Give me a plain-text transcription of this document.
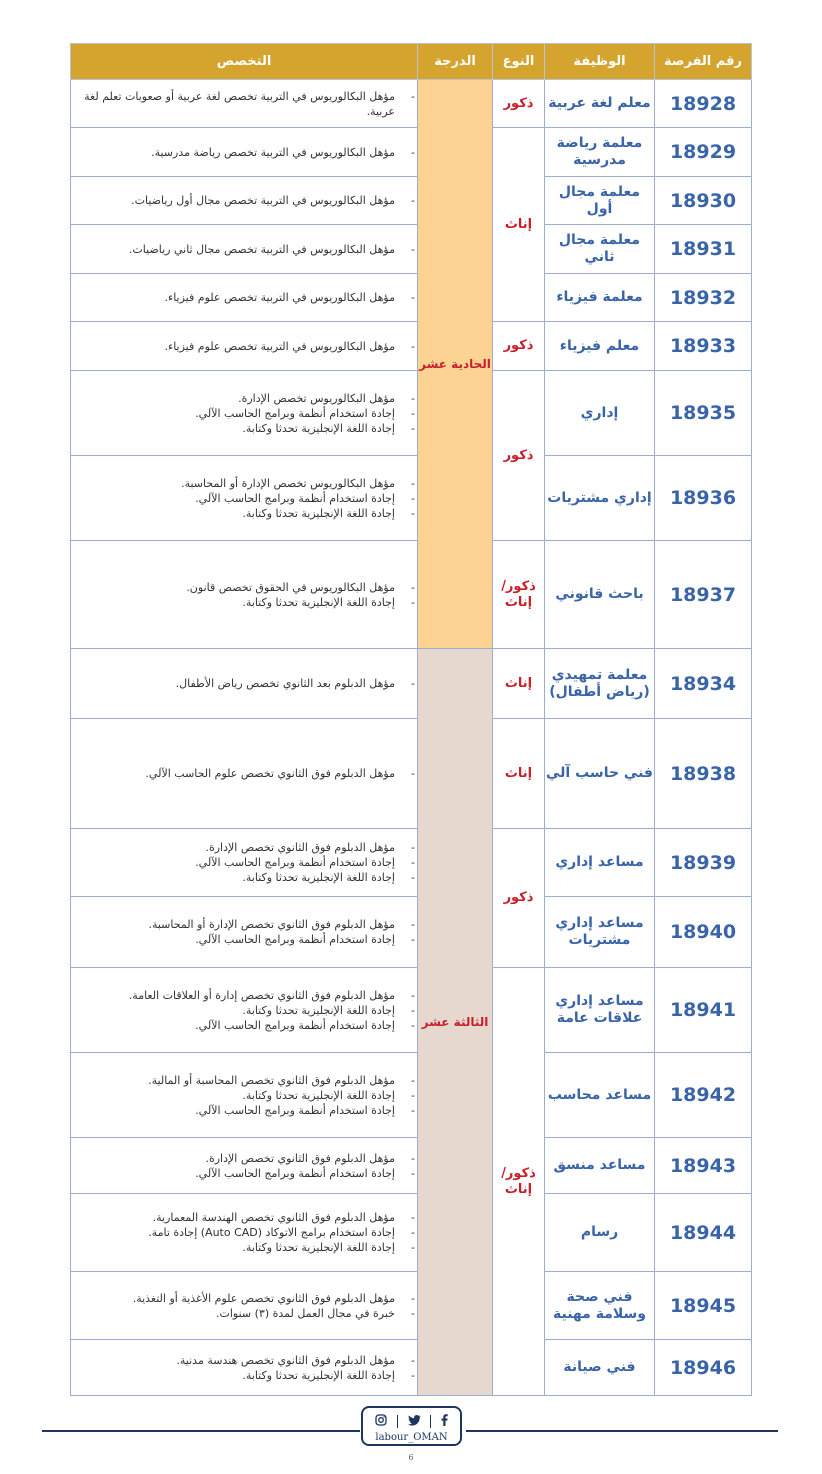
رقم الفرصة	الوظيفة	النوع	الدرجة	التخصص
18928	معلم لغة عربية	ذكور	الحادية عشر	- مؤهل البكالوريوس في التربية تخصص لغة عربية أو صعوبات تعلم لغة عربية.

18929	معلمة رياضة مدرسية	إناث		- مؤهل البكالوريوس في التربية تخصص رياضة مدرسية.

18930	معلمة مجال أول			- مؤهل البكالوريوس في التربية تخصص مجال أول رياضيات.

18931	معلمة مجال ثاني			- مؤهل البكالوريوس في التربية تخصص مجال ثاني رياضيات.

18932	معلمة فيزياء			- مؤهل البكالوريوس في التربية تخصص علوم فيزياء.

18933	معلم فيزياء	ذكور		- مؤهل البكالوريوس في التربية تخصص علوم فيزياء.

18935	إداري	ذكور		- مؤهل البكالوريوس تخصص الإدارة.
- إجادة استخدام أنظمة وبرامج الحاسب الآلي.
- إجادة اللغة الإنجليزية تحدثا وكتابة.

18936	إداري مشتريات			- مؤهل البكالوريوس تخصص الإدارة أو المحاسبة.
- إجادة استخدام أنظمة وبرامج الحاسب الآلي.
- إجادة اللغة الإنجليزية تحدثا وكتابة.

18937	باحث قانوني	ذكور/ إناث		- مؤهل البكالوريوس في الحقوق تخصص قانون.
- إجادة اللغة الإنجليزية تحدثا وكتابة.

18934	معلمة تمهيدي (رياض أطفال)	إناث	الثالثة عشر	- مؤهل الدبلوم بعد الثانوي تخصص رياض الأطفال.

18938	فني حاسب آلي	إناث		- مؤهل الدبلوم فوق الثانوي تخصص علوم الحاسب الآلي.

18939	مساعد إداري	ذكور		- مؤهل الدبلوم فوق الثانوي تخصص الإدارة.
- إجادة استخدام أنظمة وبرامج الحاسب الآلي.
- إجادة اللغة الإنجليزية تحدثا وكتابة.

18940	مساعد إداري مشتريات			- مؤهل الدبلوم فوق الثانوي تخصص الإدارة أو المحاسبة.
- إجادة استخدام أنظمة وبرامج الحاسب الآلي.

18941	مساعد إداري علاقات عامة	ذكور/ إناث		- مؤهل الدبلوم فوق الثانوي تخصص إدارة أو العلاقات العامة.
- إجادة اللغة الإنجليزية تحدثا وكتابة.
- إجادة استخدام أنظمة وبرامج الحاسب الآلي.

18942	مساعد محاسب			- مؤهل الدبلوم فوق الثانوي تخصص المحاسبة أو المالية.
- إجادة اللغة الإنجليزية تحدثا وكتابة.
- إجادة استخدام أنظمة وبرامج الحاسب الآلي.

18943	مساعد منسق			- مؤهل الدبلوم فوق الثانوي تخصص الإدارة.
- إجادة استخدام أنظمة وبرامج الحاسب الآلي.

18944	رسام			- مؤهل الدبلوم فوق الثانوي تخصص الهندسة المعمارية.
- إجادة استخدام برامج الاتوكاد (Auto CAD) إجادة تامة.
- إجادة اللغة الإنجليزية تحدثا وكتابة.

18945	فني صحة وسلامة مهنية			- مؤهل الدبلوم فوق الثانوي تخصص علوم الأغذية أو التغذية.
- خبرة في مجال العمل لمدة (٣) سنوات.

18946	فني صيانة			- مؤهل الدبلوم فوق الثانوي تخصص هندسة مدنية.
- إجادة اللغة الإنجليزية تحدثا وكتابة.

labour_OMAN
6
